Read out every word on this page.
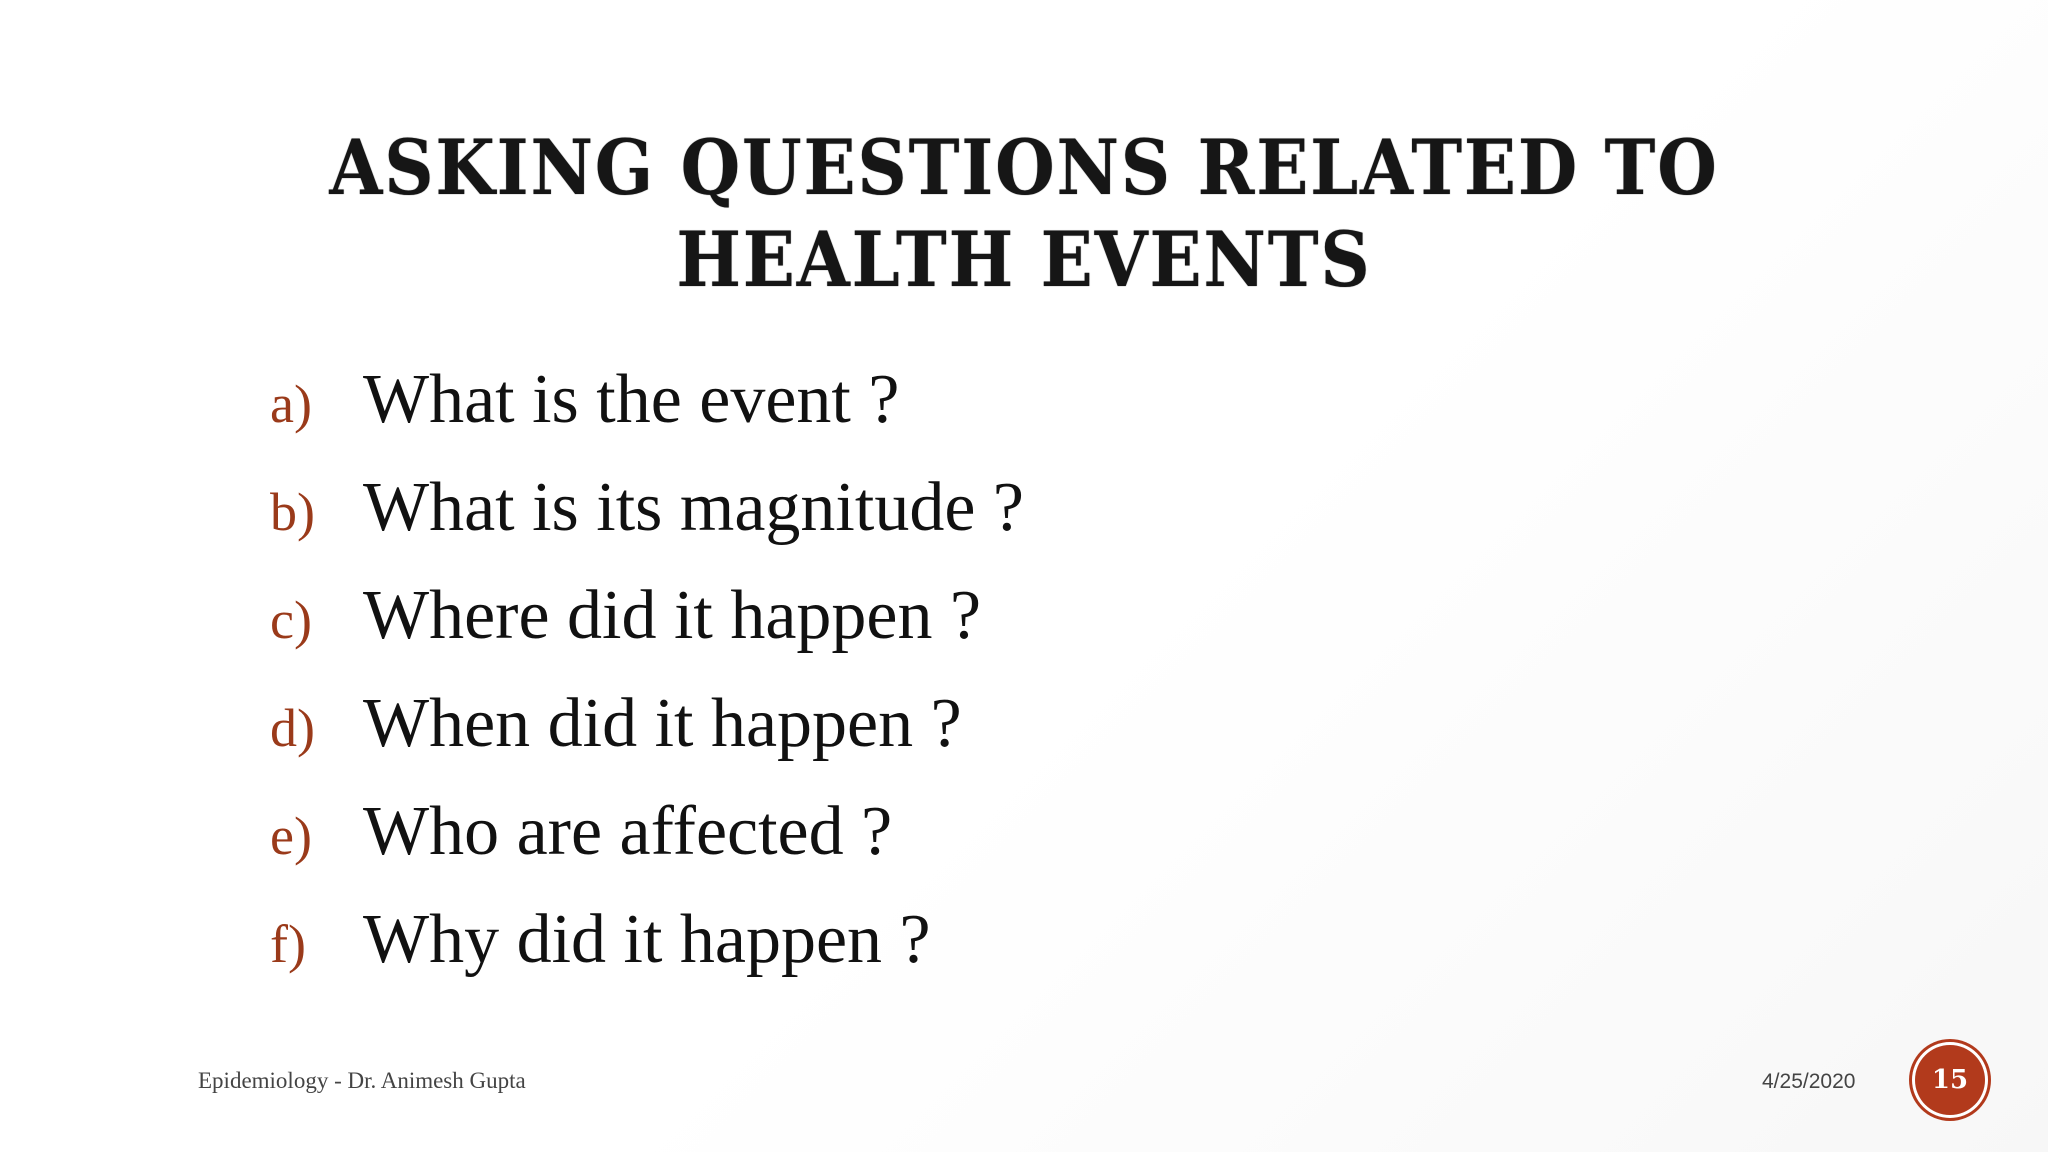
ASKING QUESTIONS RELATED TO HEALTH EVENTS
a) What is the event ?
b) What is its magnitude ?
c) Where did it happen ?
d) When did it happen ?
e) Who are affected ?
f) Why did it happen ?
Epidemiology - Dr. Animesh Gupta	4/25/2020	15
